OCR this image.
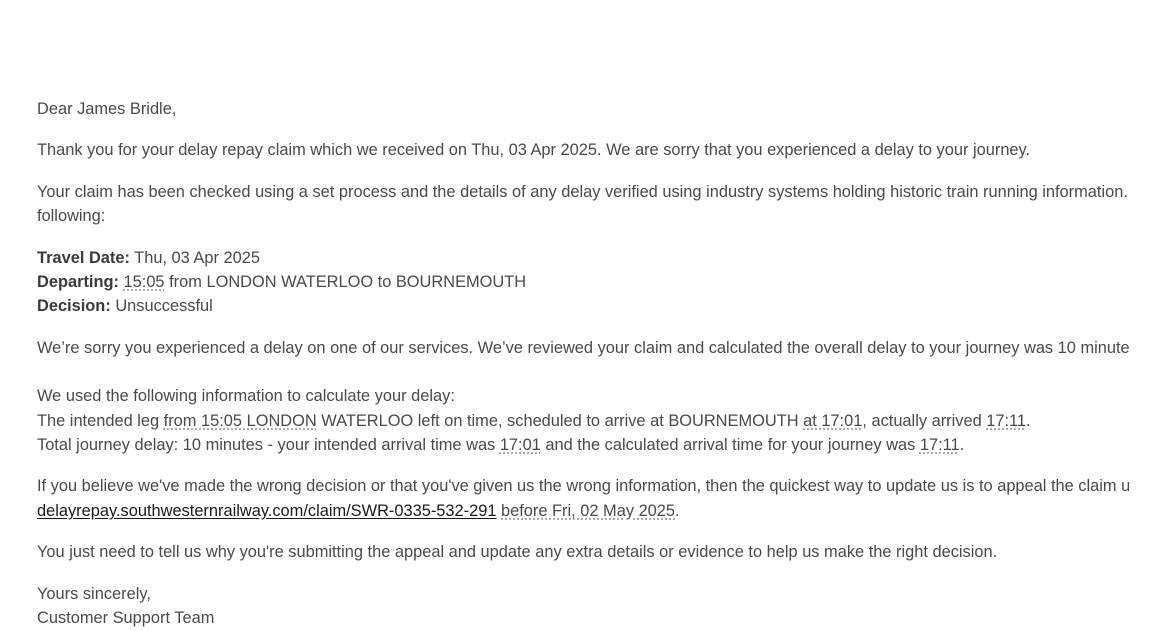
Dear James Bridle,

Thank you for your delay repay claim which we received on Thu, 03 Apr 2025. We are sorry that you experienced a delay to your journey.

Your claim has been checked using a set process and the details of any delay verified using industry systems holding historic train running information.

following:

Travel Date: Thu, 03 Apr 2025

Departing: 15:05 from LONDON WATERLOO to BOURNEMOUTH

Decision: Unsuccessful

We’re sorry you experienced a delay on one of our services. We’ve reviewed your claim and calculated the overall delay to your journey was 10 minute

We used the following information to calculate your delay:

The intended leg from 15:05 LONDON WATERLOO left on time, scheduled to arrive at BOURNEMOUTH at 17:01, actually arrived 17:11.

Total journey delay: 10 minutes - your intended arrival time was 17:01 and the calculated arrival time for your journey was 17:11.

If you believe we've made the wrong decision or that you've given us the wrong information, then the quickest way to update us is to appeal the claim u

delayrepay.southwesternrailway.com/claim/SWR-0335-532-291 before Fri, 02 May 2025.

You just need to tell us why you're submitting the appeal and update any extra details or evidence to help us make the right decision.

Yours sincerely,

Customer Support Team
